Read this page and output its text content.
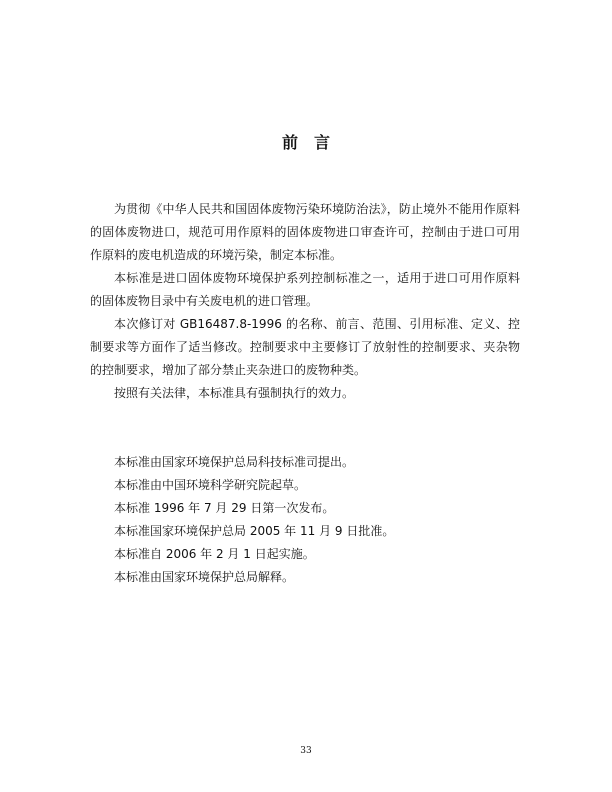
前　言

为贯彻《中华人民共和国固体废物污染环境防治法》，防止境外不能用作原料的固体废物进口，规范可用作原料的固体废物进口审查许可，控制由于进口可用作原料的废电机造成的环境污染，制定本标准。

本标准是进口固体废物环境保护系列控制标准之一，适用于进口可用作原料的固体废物目录中有关废电机的进口管理。

本次修订对 GB16487.8-1996 的名称、前言、范围、引用标准、定义、控制要求等方面作了适当修改。控制要求中主要修订了放射性的控制要求、夹杂物的控制要求，增加了部分禁止夹杂进口的废物种类。

按照有关法律，本标准具有强制执行的效力。

本标准由国家环境保护总局科技标准司提出。

本标准由中国环境科学研究院起草。

本标准 1996 年 7 月 29 日第一次发布。

本标准国家环境保护总局 2005 年 11 月 9 日批准。

本标准自 2006 年 2 月 1 日起实施。

本标准由国家环境保护总局解释。

33
